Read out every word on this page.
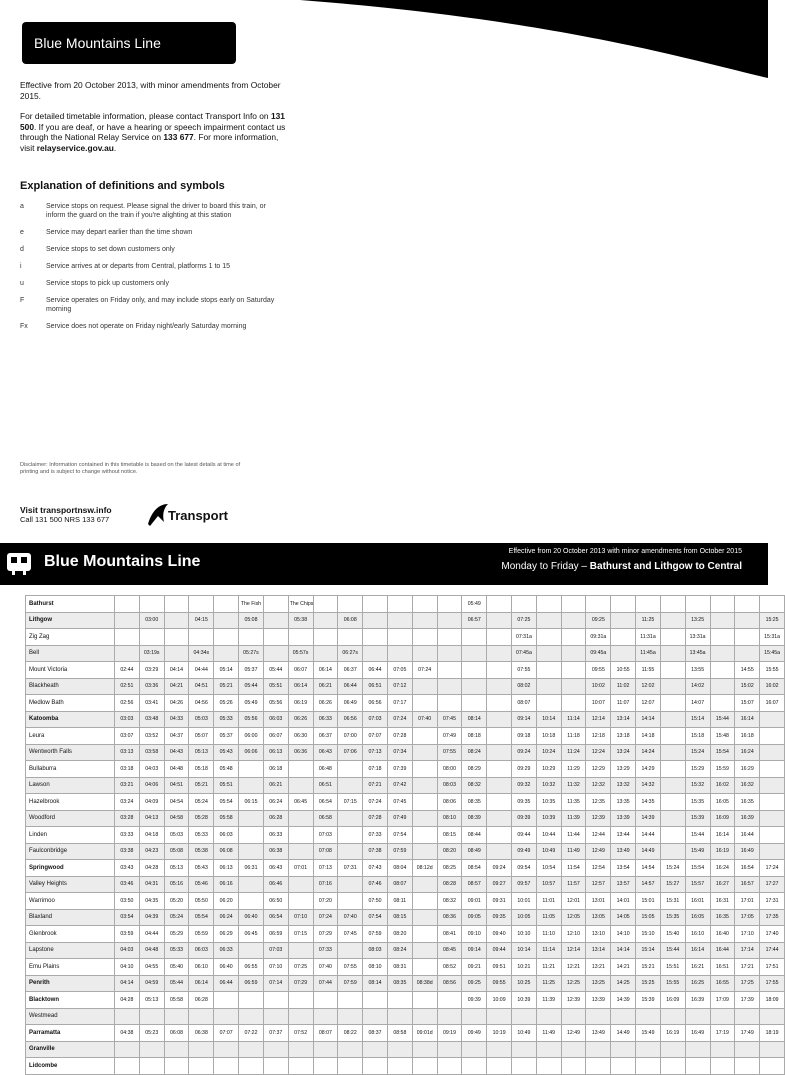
Blue Mountains Line

Effective from 20 October 2013, with minor amendments from October 2015.

For detailed timetable information, please contact Transport Info on 131 500. If you are deaf, or have a hearing or speech impairment contact us through the National Relay Service on 133 677. For more information, visit relayservice.gov.au.

Explanation of definitions and symbols
a	Service stops on request. Please signal the driver to board this train, or inform the guard on the train if you're alighting at this station
e	Service may depart earlier than the time shown
d	Service stops to set down customers only
i	Service arrives at or departs from Central, platforms 1 to 15
u	Service stops to pick up customers only
F	Service operates on Friday only, and may include stops early on Saturday morning
Fx	Service does not operate on Friday night/early Saturday morning
Disclaimer: Information contained in this timetable is based on the latest details at time of printing and is subject to change without notice.
Visit transportnsw.info
Call 131 500 NRS 133 677	Transport
Blue Mountains Line
Effective from 20 October 2013 with minor amendments from October 2015
Monday to Friday – Bathurst and Lithgow to Central
Bathurst						The Fish		The Chips							05:49												
Lithgow		03:00		04:15		05:08		05:38		06:08					06:57		07:25			09:25		11:25		13:25			15:25
Zig Zag																	07:31a			09:31a		11:31a		13:31a			15:31a
Bell		03:19s		04:34s		05:27s		05:57s		06:27s							07:45a			09:45a		11:45a		13:45a			15:45a
Mount Victoria	02:44	03:29	04:14	04:44	05:14	05:37	05:44	06:07	06:14	06:37	06:44	07:05	07:24				07:55			09:55	10:55	11:55		13:55		14:55	15:55
Blackheath	02:51	03:36	04:21	04:51	05:21	05:44	05:51	06:14	06:21	06:44	06:51	07:12					08:02			10:02	11:02	12:02		14:02		15:02	16:02
Medlow Bath	02:56	03:41	04:26	04:56	05:26	05:49	05:56	06:19	06:26	06:49	06:56	07:17					08:07			10:07	11:07	12:07		14:07		15:07	16:07
Katoomba	03:03	03:48	04:33	05:03	05:33	05:56	06:03	06:26	06:33	06:56	07:03	07:24	07:40	07:45	08:14		09:14	10:14	11:14	12:14	13:14	14:14		15:14	15:44	16:14	
Leura	03:07	03:52	04:37	05:07	05:37	06:00	06:07	06:30	06:37	07:00	07:07	07:28		07:49	08:18		09:18	10:18	11:18	12:18	13:18	14:18		15:18	15:48	16:18	
Wentworth Falls	03:13	03:58	04:43	05:13	05:43	06:06	06:13	06:36	06:43	07:06	07:13	07:34		07:55	08:24		09:24	10:24	11:24	12:24	13:24	14:24		15:24	15:54	16:24	
Bullaburra	03:18	04:03	04:48	05:18	05:48		06:18		06:48		07:18	07:39		08:00	08:29		09:29	10:29	11:29	12:29	13:29	14:29		15:29	15:59	16:29	
Lawson	03:21	04:06	04:51	05:21	05:51		06:21		06:51		07:21	07:42		08:03	08:32		09:32	10:32	11:32	12:32	13:32	14:32		15:32	16:02	16:32	
Hazelbrook	03:24	04:09	04:54	05:24	05:54	06:15	06:24	06:45	06:54	07:15	07:24	07:45		08:06	08:35		09:35	10:35	11:35	12:35	13:35	14:35		15:35	16:05	16:35	
Woodford	03:28	04:13	04:58	05:28	05:58		06:28		06:58		07:28	07:49		08:10	08:39		09:39	10:39	11:39	12:39	13:39	14:39		15:39	16:09	16:39	
Linden	03:33	04:18	05:03	05:33	06:03		06:33		07:03		07:33	07:54		08:15	08:44		09:44	10:44	11:44	12:44	13:44	14:44		15:44	16:14	16:44	
Faulconbridge	03:38	04:23	05:08	05:38	06:08		06:38		07:08		07:38	07:59		08:20	08:49		09:49	10:49	11:49	12:49	13:49	14:49		15:49	16:19	16:49	
Springwood	03:43	04:28	05:13	05:43	06:13	06:31	06:43	07:01	07:13	07:31	07:43	08:04	08:12d	08:25	08:54	09:24	09:54	10:54	11:54	12:54	13:54	14:54	15:24	15:54	16:24	16:54	17:24
Valley Heights	03:46	04:31	05:16	05:46	06:16		06:46		07:16		07:46	08:07		08:28	08:57	09:27	09:57	10:57	11:57	12:57	13:57	14:57	15:27	15:57	16:27	16:57	17:27
Warrimoo	03:50	04:35	05:20	05:50	06:20		06:50		07:20		07:50	08:11		08:32	09:01	09:31	10:01	11:01	12:01	13:01	14:01	15:01	15:31	16:01	16:31	17:01	17:31
Blaxland	03:54	04:39	05:24	05:54	06:24	06:40	06:54	07:10	07:24	07:40	07:54	08:15		08:36	09:05	09:35	10:05	11:05	12:05	13:05	14:05	15:05	15:35	16:05	16:35	17:05	17:35
Glenbrook	03:59	04:44	05:29	05:59	06:29	06:45	06:59	07:15	07:29	07:45	07:59	08:20		08:41	09:10	09:40	10:10	11:10	12:10	13:10	14:10	15:10	15:40	16:10	16:40	17:10	17:40
Lapstone	04:03	04:48	05:33	06:03	06:33		07:03		07:33		08:03	08:24		08:45	09:14	09:44	10:14	11:14	12:14	13:14	14:14	15:14	15:44	16:14	16:44	17:14	17:44
Emu Plains	04:10	04:55	05:40	06:10	06:40	06:55	07:10	07:25	07:40	07:55	08:10	08:31		08:52	09:21	09:51	10:21	11:21	12:21	13:21	14:21	15:21	15:51	16:21	16:51	17:21	17:51
Penrith	04:14	04:59	05:44	06:14	06:44	06:59	07:14	07:29	07:44	07:59	08:14	08:35	08:38d	08:56	09:25	09:55	10:25	11:25	12:25	13:25	14:25	15:25	15:55	16:25	16:55	17:25	17:55
Blacktown	04:28	05:13	05:58	06:28											09:39	10:09	10:39	11:39	12:39	13:39	14:39	15:39	16:09	16:39	17:09	17:39	18:09
Westmead																											
Parramatta	04:38	05:23	06:08	06:38	07:07	07:22	07:37	07:52	08:07	08:22	08:37	08:58	09:01d	09:19	09:49	10:19	10:49	11:49	12:49	13:49	14:49	15:49	16:19	16:49	17:19	17:49	18:19
Granville																											
Lidcombe																											
